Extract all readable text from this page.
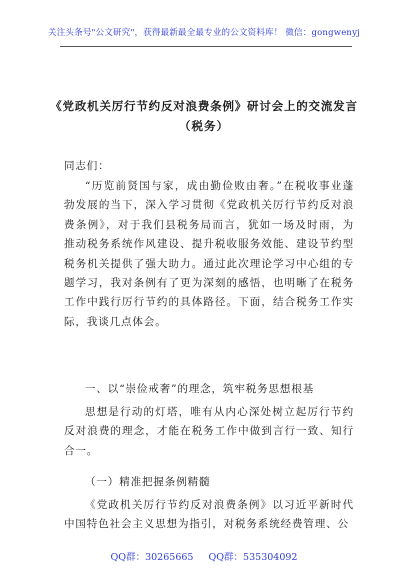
关注头条号"公文研究"，获得最新最全最专业的公文资料库！ 微信：gongwenyj
《党政机关厉行节约反对浪费条例》研讨会上的交流发言
（税务）
同志们：
“历览前贤国与家，成由勤俭败由奢。”在税收事业蓬勃发展的当下，深入学习贯彻《党政机关厉行节约反对浪费条例》，对于我们县税务局而言，犹如一场及时雨，为推动税务系统作风建设、提升税收服务效能、建设节约型税务机关提供了强大助力。通过此次理论学习中心组的专题学习，我对条例有了更为深刻的感悟，也明晰了在税务工作中践行厉行节约的具体路径。下面，结合税务工作实际，我谈几点体会。
一、以“崇俭戒奢”的理念，筑牢税务思想根基
思想是行动的灯塔，唯有从内心深处树立起厉行节约反对浪费的理念，才能在税务工作中做到言行一致、知行合一。
（一）精准把握条例精髓
《党政机关厉行节约反对浪费条例》以习近平新时代中国特色社会主义思想为指引，对税务系统经费管理、公
QQ群：30265665 QQ群：535304092
